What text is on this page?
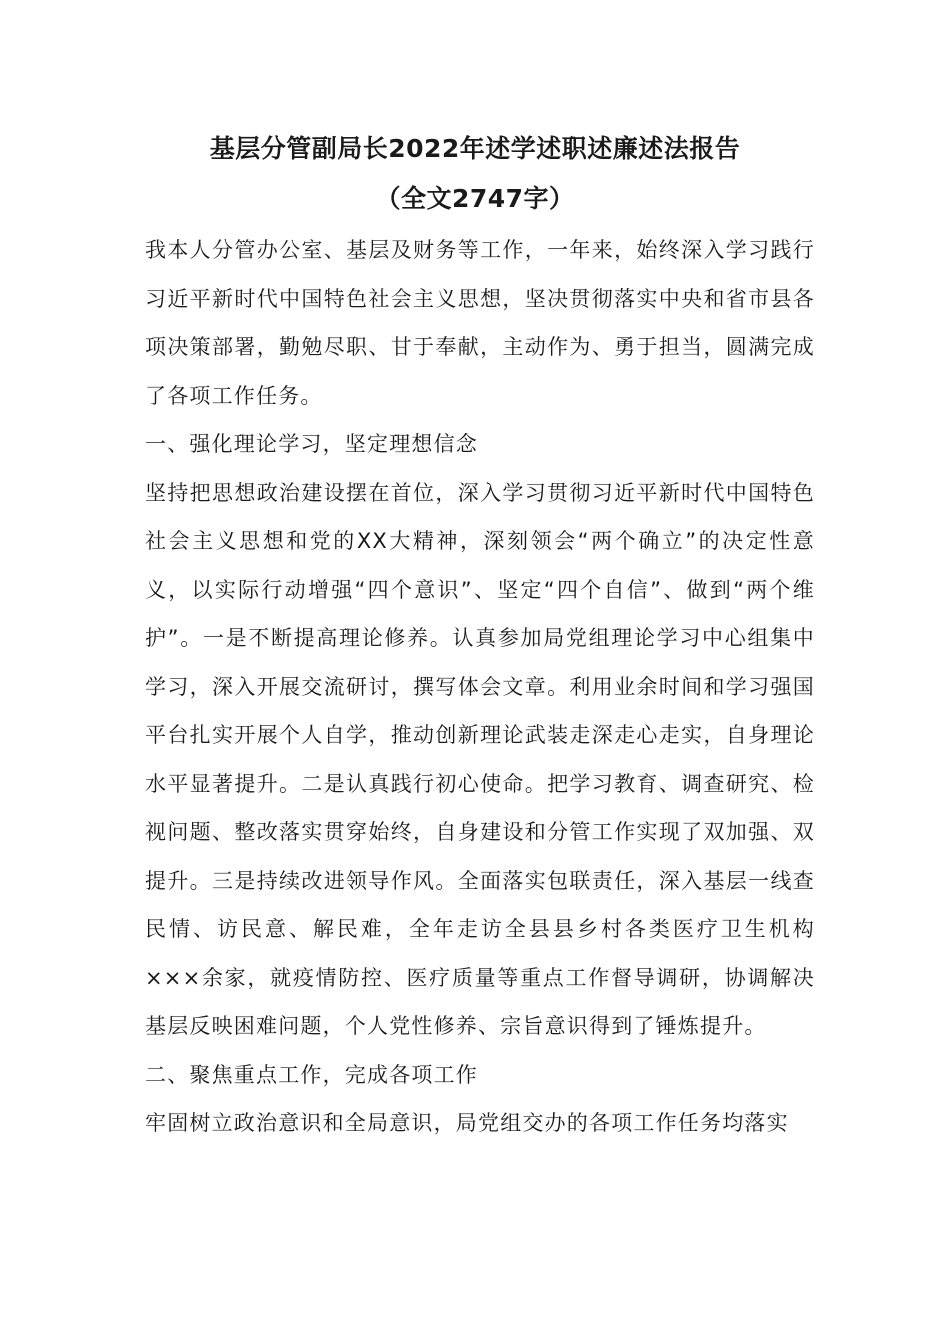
基层分管副局长2022年述学述职述廉述法报告
（全文2747字）

我本人分管办公室、基层及财务等工作，一年来，始终深入学习践行习近平新时代中国特色社会主义思想，坚决贯彻落实中央和省市县各项决策部署，勤勉尽职、甘于奉献，主动作为、勇于担当，圆满完成了各项工作任务。

一、强化理论学习，坚定理想信念

坚持把思想政治建设摆在首位，深入学习贯彻习近平新时代中国特色社会主义思想和党的XX大精神，深刻领会“两个确立”的决定性意义，以实际行动增强“四个意识”、坚定“四个自信”、做到“两个维护”。一是不断提高理论修养。认真参加局党组理论学习中心组集中学习，深入开展交流研讨，撰写体会文章。利用业余时间和学习强国平台扎实开展个人自学，推动创新理论武装走深走心走实，自身理论水平显著提升。二是认真践行初心使命。把学习教育、调查研究、检视问题、整改落实贯穿始终，自身建设和分管工作实现了双加强、双提升。三是持续改进领导作风。全面落实包联责任，深入基层一线查民情、访民意、解民难，全年走访全县县乡村各类医疗卫生机构×××余家，就疫情防控、医疗质量等重点工作督导调研，协调解决基层反映困难问题，个人党性修养、宗旨意识得到了锤炼提升。

二、聚焦重点工作，完成各项工作

牢固树立政治意识和全局意识，局党组交办的各项工作任务均落实
